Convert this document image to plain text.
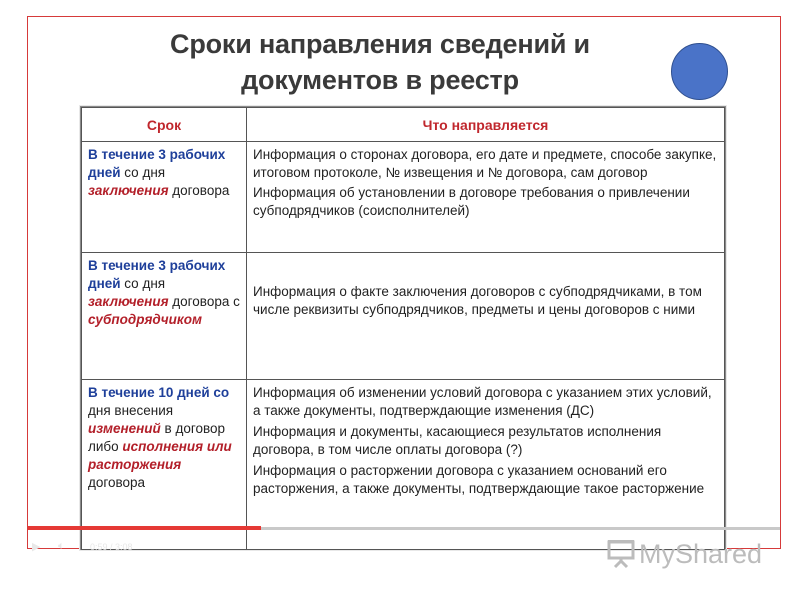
Сроки направления сведений и
документов в реестр
Срок	Что направляется
В течение 3 рабочих дней со дня заключения договора	Информация о сторонах договора, его дате и предмете, способе закупке, итоговом протоколе, № извещения и № договора, сам договор

Информация об установлении в договоре требования о привлечении субподрядчиков (соисполнителей)

В течение 3 рабочих дней со дня заключения договора с субподрядчиком	Информация о факте заключения договоров с субподрядчиками, в том числе реквизиты субподрядчиков, предметы и цены договоров с ними

В течение 10 дней со дня внесения изменений в договор либо исполнения или расторжения договора	Информация об изменении условий договора с указанием этих условий, а также документы, подтверждающие изменения (ДС)

Информация и документы, касающиеся результатов исполнения договора, в том числе оплаты договора (?)

Информация о расторжении договора с указанием оснований его расторжения, а также документы, подтверждающие такое расторжение

▶ 🔈︎	0:59 / 3:08	MyShared
